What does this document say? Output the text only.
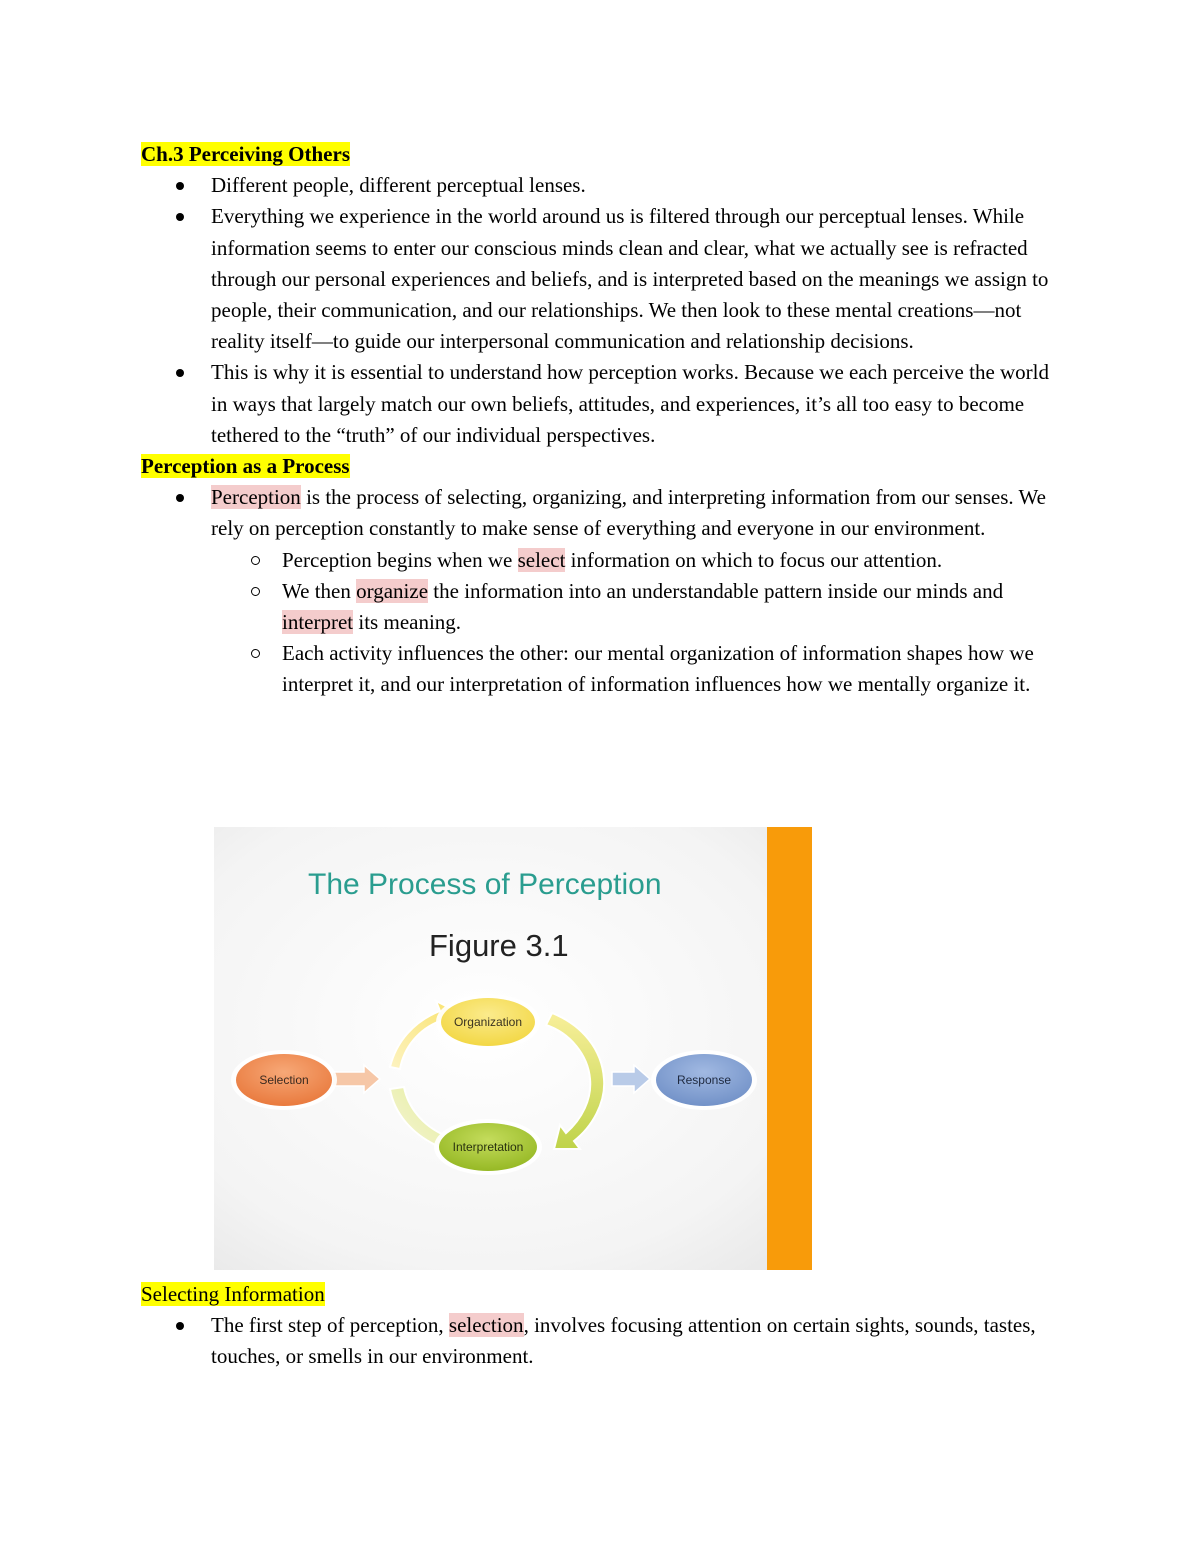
Ch.3 Perceiving Others
Different people, different perceptual lenses.
Everything we experience in the world around us is filtered through our perceptual lenses. While information seems to enter our conscious minds clean and clear, what we actually see is refracted through our personal experiences and beliefs, and is interpreted based on the meanings we assign to people, their communication, and our relationships. We then look to these mental creations—not reality itself—to guide our interpersonal communication and relationship decisions.
This is why it is essential to understand how perception works. Because we each perceive the world in ways that largely match our own beliefs, attitudes, and experiences, it’s all too easy to become tethered to the “truth” of our individual perspectives.
Perception as a Process
Perception is the process of selecting, organizing, and interpreting information from our senses. We rely on perception constantly to make sense of everything and everyone in our environment.
Perception begins when we select information on which to focus our attention.
We then organize the information into an understandable pattern inside our minds and interpret its meaning.
Each activity influences the other: our mental organization of information shapes how we interpret it, and our interpretation of information influences how we mentally organize it.
The Process of Perception
Figure 3.1
Selection
Organization
Interpretation
Response
Selecting Information
The first step of perception, selection, involves focusing attention on certain sights, sounds, tastes, touches, or smells in our environment.
